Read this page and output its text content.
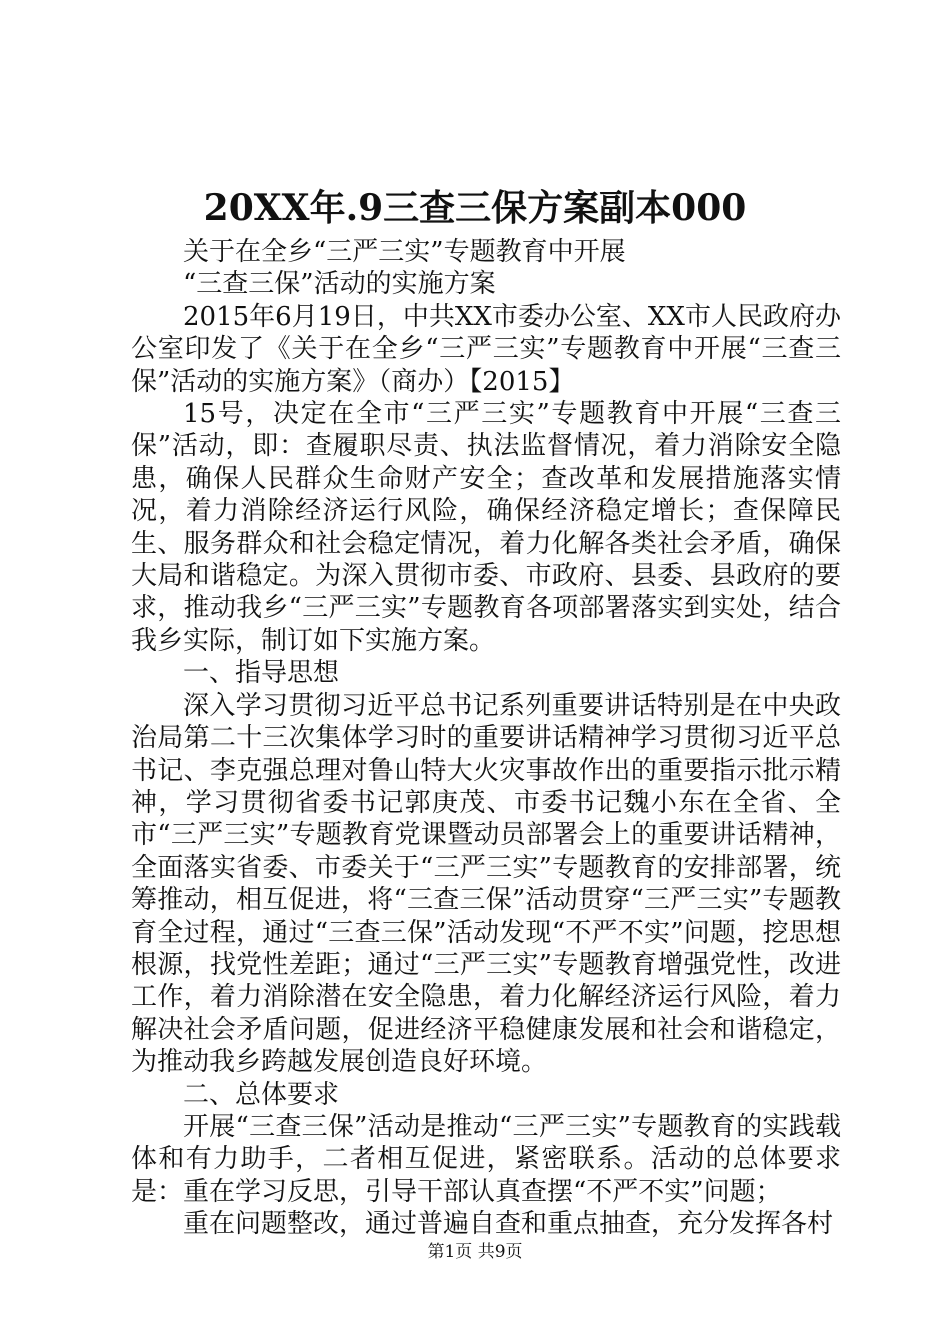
20XX年.9三查三保方案副本000

关于在全乡“三严三实”专题教育中开展

“三查三保”活动的实施方案

2015年6月19日，中共XX市委办公室、XX市人民政府办公室印发了《关于在全乡“三严三实”专题教育中开展“三查三保”活动的实施方案》（商办）【2015】

15号，决定在全市“三严三实”专题教育中开展“三查三保”活动，即：查履职尽责、执法监督情况，着力消除安全隐患，确保人民群众生命财产安全；查改革和发展措施落实情况，着力消除经济运行风险，确保经济稳定增长；查保障民生、服务群众和社会稳定情况，着力化解各类社会矛盾，确保大局和谐稳定。为深入贯彻市委、市政府、县委、县政府的要求，推动我乡“三严三实”专题教育各项部署落实到实处，结合我乡实际，制订如下实施方案。

一、指导思想

深入学习贯彻习近平总书记系列重要讲话特别是在中央政治局第二十三次集体学习时的重要讲话精神学习贯彻习近平总书记、李克强总理对鲁山特大火灾事故作出的重要指示批示精神，学习贯彻省委书记郭庚茂、市委书记魏小东在全省、全市“三严三实”专题教育党课暨动员部署会上的重要讲话精神，全面落实省委、市委关于“三严三实”专题教育的安排部署，统筹推动，相互促进，将“三查三保”活动贯穿“三严三实”专题教育全过程，通过“三查三保”活动发现“不严不实”问题，挖思想根源，找党性差距；通过“三严三实”专题教育增强党性，改进工作，着力消除潜在安全隐患，着力化解经济运行风险，着力解决社会矛盾问题，促进经济平稳健康发展和社会和谐稳定，为推动我乡跨越发展创造良好环境。

二、总体要求

开展“三查三保”活动是推动“三严三实”专题教育的实践载体和有力助手，二者相互促进，紧密联系。活动的总体要求是：重在学习反思，引导干部认真查摆“不严不实”问题；

重在问题整改，通过普遍自查和重点抽查，充分发挥各村

第1页 共9页
